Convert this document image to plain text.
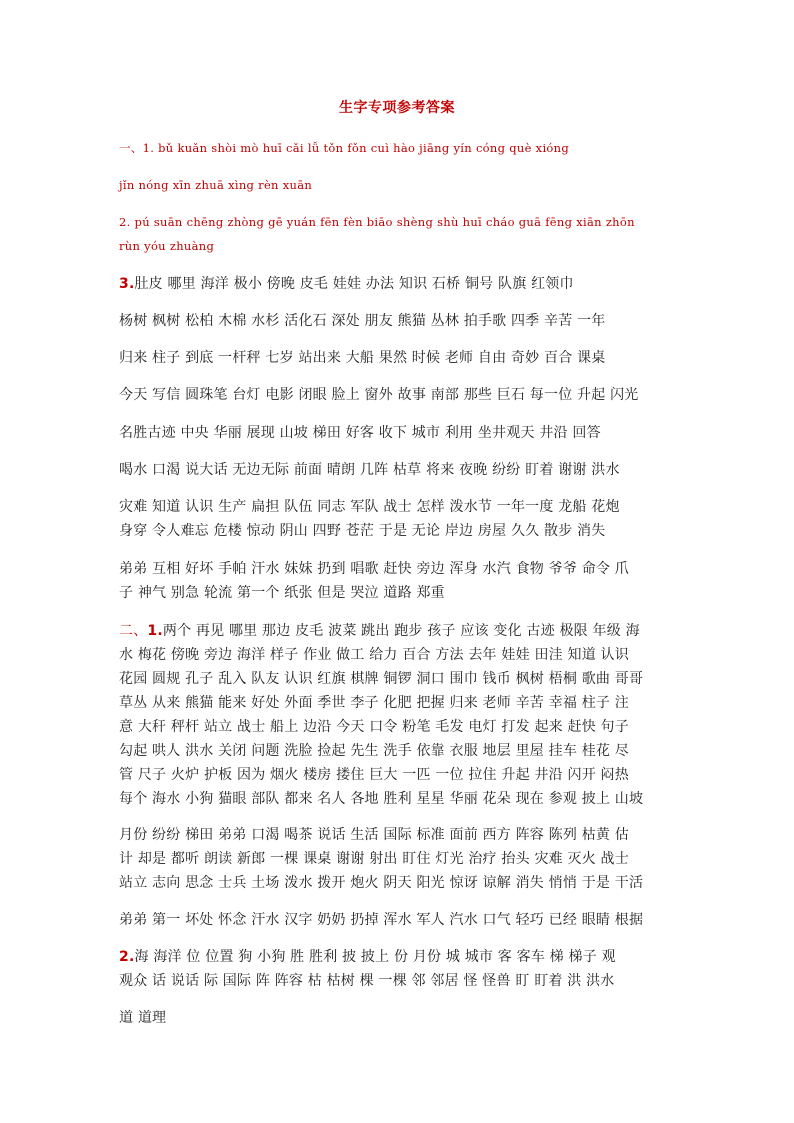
生字专项参考答案
一、1. bǔ kuǎn shòi mò huī cǎi lǚ tǒn fǒn cuì hào jiāng yín cóng què xióng
jǐn nóng xīn zhuā xìng rèn xuān
2. pú suān chēng zhòng gē yuán fēn fèn biāo shèng shù huī cháo guā fēng xiān zhōn
rùn yóu zhuàng
3.肚皮 哪里 海洋 极小 傍晚 皮毛 娃娃 办法 知识 石桥 铜号 队旗 红领巾
杨树 枫树 松柏 木棉 水杉 活化石 深处 朋友 熊猫 丛林 拍手歌 四季 辛苦 一年
归来 柱子 到底 一杆秤 七岁 站出来 大船 果然 时候 老师 自由 奇妙 百合 课桌
今天 写信 圆珠笔 台灯 电影 闭眼 脸上 窗外 故事 南部 那些 巨石 每一位 升起 闪光
名胜古迹 中央 华丽 展现 山坡 梯田 好客 收下 城市 利用 坐井观天 井沿 回答
喝水 口渴 说大话 无边无际 前面 晴朗 几阵 枯草 将来 夜晚 纷纷 盯着 谢谢 洪水
灾难 知道 认识 生产 扁担 队伍 同志 军队 战士 怎样 泼水节 一年一度 龙船 花炮
身穿 令人难忘 危楼 惊动 阴山 四野 苍茫 于是 无论 岸边 房屋 久久 散步 消失
弟弟 互相 好坏 手帕 汗水 妹妹 扔到 唱歌 赶快 旁边 浑身 水汽 食物 爷爷 命令 爪
子 神气 别急 轮流 第一个 纸张 但是 哭泣 道路 郑重
二、1.两个 再见 哪里 那边 皮毛 波菜 跳出 跑步 孩子 应该 变化 古迹 极限 年级 海
水 梅花 傍晚 旁边 海洋 样子 作业 做工 给力 百合 方法 去年 娃娃 田洼 知道 认识
花园 圆规 孔子 乱入 队友 认识 红旗 棋牌 铜锣 洞口 围巾 钱币 枫树 梧桐 歌曲 哥哥
草丛 从来 熊猫 能来 好处 外面 季世 李子 化肥 把握 归来 老师 辛苦 幸福 柱子 注
意 大秆 秤杆 站立 战士 船上 边沿 今天 口令 粉笔 毛发 电灯 打发 起来 赶快 句子
勾起 哄人 洪水 关闭 问题 洗脸 捡起 先生 洗手 依靠 衣服 地层 里屋 挂车 桂花 尽
管 尺子 火炉 护板 因为 烟火 楼房 搂住 巨大 一匹 一位 拉住 升起 井沿 闪开 闷热
每个 海水 小狗 猫眼 部队 都来 名人 各地 胜利 星星 华丽 花朵 现在 参观 披上 山坡
月份 纷纷 梯田 弟弟 口渴 喝茶 说话 生活 国际 标准 面前 西方 阵容 陈列 枯黄 估
计 却是 都听 朗读 新郎 一棵 课桌 谢谢 射出 盯住 灯光 治疗 抬头 灾难 灭火 战士
站立 志向 思念 士兵 土场 泼水 拨开 炮火 阴天 阳光 惊讶 谅解 消失 悄悄 于是 干活
弟弟 第一 坏处 怀念 汗水 汉字 奶奶 扔掉 浑水 军人 汽水 口气 轻巧 已经 眼睛 根据
2.海 海洋 位 位置 狗 小狗 胜 胜利 披 披上 份 月份 城 城市 客 客车 梯 梯子 观
观众 话 说话 际 国际 阵 阵容 枯 枯树 棵 一棵 邻 邻居 怪 怪兽 盯 盯着 洪 洪水
道 道理
